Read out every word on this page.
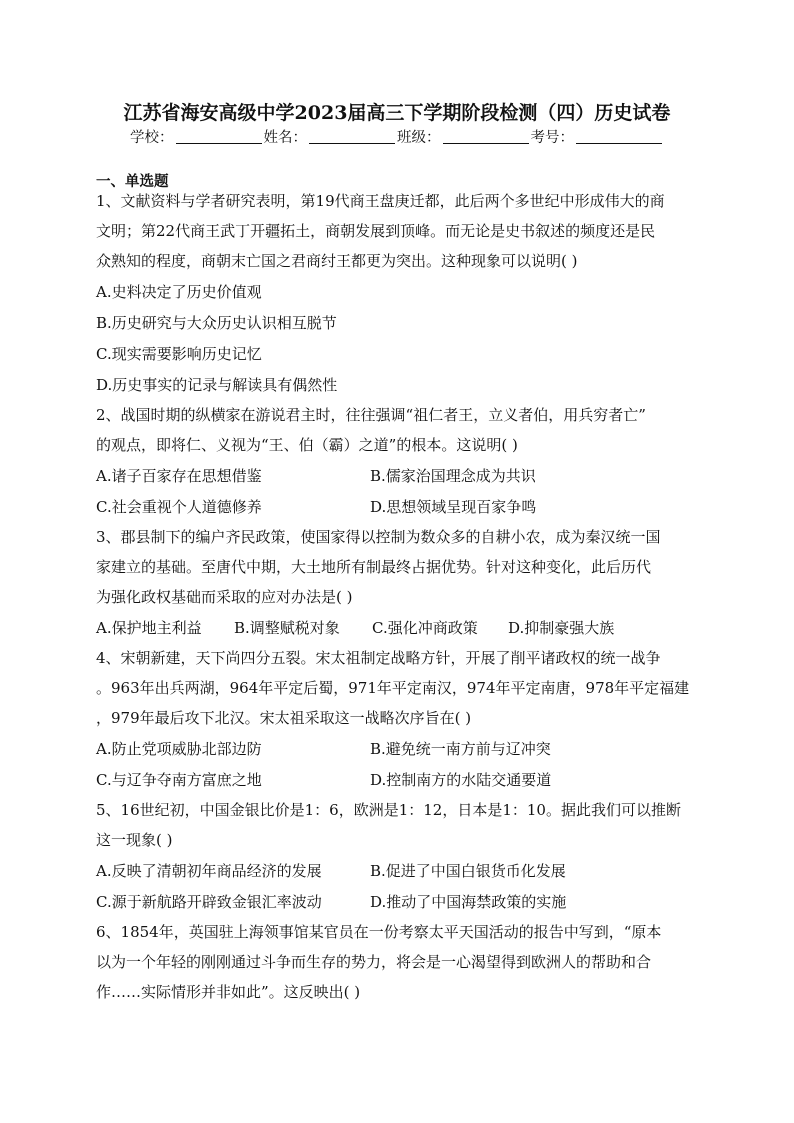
江苏省海安高级中学2023届高三下学期阶段检测（四）历史试卷
学校：	姓名：	班级：	考号：
一、单选题
1、文献资料与学者研究表明，第19代商王盘庚迁都，此后两个多世纪中形成伟大的商
文明；第22代商王武丁开疆拓土，商朝发展到顶峰。而无论是史书叙述的频度还是民
众熟知的程度，商朝末亡国之君商纣王都更为突出。这种现象可以说明( )
A.史料决定了历史价值观
B.历史研究与大众历史认识相互脱节
C.现实需要影响历史记忆
D.历史事实的记录与解读具有偶然性
2、战国时期的纵横家在游说君主时，往往强调“祖仁者王，立义者伯，用兵穷者亡”
的观点，即将仁、义视为“王、伯（霸）之道”的根本。这说明( )
A.诸子百家存在思想借鉴	B.儒家治国理念成为共识
C.社会重视个人道德修养	D.思想领域呈现百家争鸣
3、郡县制下的编户齐民政策，使国家得以控制为数众多的自耕小农，成为秦汉统一国
家建立的基础。至唐代中期，大土地所有制最终占据优势。针对这种变化，此后历代
为强化政权基础而采取的应对办法是( )
A.保护地主利益 B.调整赋税对象 C.强化冲商政策 D.抑制豪强大族
4、宋朝新建，天下尚四分五裂。宋太祖制定战略方针，开展了削平诸政权的统一战争
。963年出兵两湖，964年平定后蜀，971年平定南汉，974年平定南唐，978年平定福建
，979年最后攻下北汉。宋太祖采取这一战略次序旨在( )
A.防止党项威胁北部边防	B.避免统一南方前与辽冲突
C.与辽争夺南方富庶之地	D.控制南方的水陆交通要道
5、16世纪初，中国金银比价是1：6，欧洲是1：12，日本是1：10。据此我们可以推断
这一现象( )
A.反映了清朝初年商品经济的发展	B.促进了中国白银货币化发展
C.源于新航路开辟致金银汇率波动	D.推动了中国海禁政策的实施
6、1854年，英国驻上海领事馆某官员在一份考察太平天国活动的报告中写到，“原本
以为一个年轻的刚刚通过斗争而生存的势力，将会是一心渴望得到欧洲人的帮助和合
作……实际情形并非如此”。这反映出( )
